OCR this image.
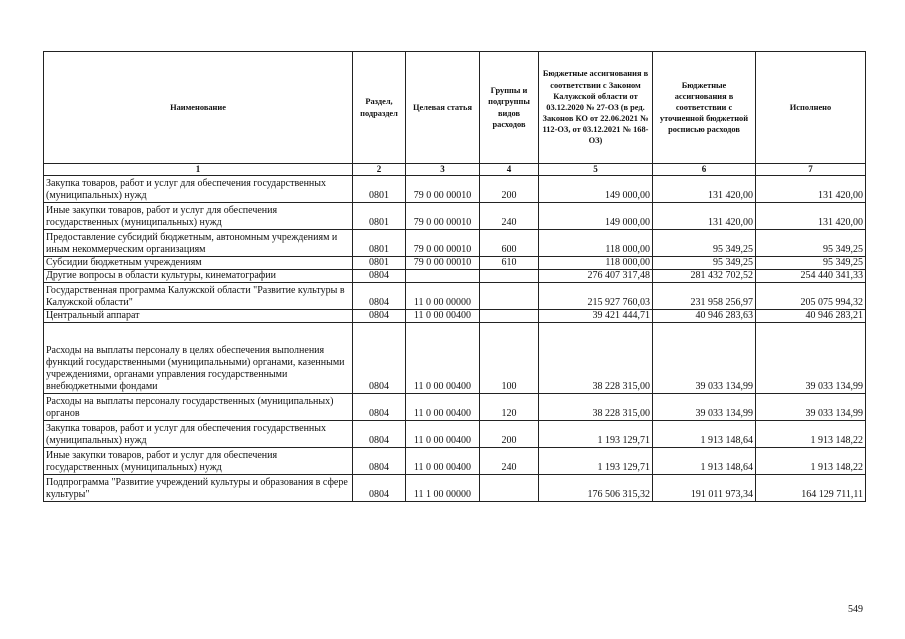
Наименование	Раздел, подраздел	Целевая статья	Группы и подгруппы видов расходов	Бюджетные ассигнования в соответствии с Законом Калужской области от 03.12.2020 № 27-ОЗ (в ред. Законов КО от 22.06.2021 № 112-ОЗ, от 03.12.2021 № 168-ОЗ)	Бюджетные ассигнования в соответствии с уточненной бюджетной росписью расходов	Исполнено
1	2	3	4	5	6	7
Закупка товаров, работ и услуг для обеспечения государственных (муниципальных) нужд	0801	79 0 00 00010	200	149 000,00	131 420,00	131 420,00
Иные закупки товаров, работ и услуг для обеспечения государственных (муниципальных) нужд	0801	79 0 00 00010	240	149 000,00	131 420,00	131 420,00
Предоставление субсидий бюджетным, автономным учреждениям и иным некоммерческим организациям	0801	79 0 00 00010	600	118 000,00	95 349,25	95 349,25
Субсидии бюджетным учреждениям	0801	79 0 00 00010	610	118 000,00	95 349,25	95 349,25
Другие вопросы в области культуры, кинематографии	0804			276 407 317,48	281 432 702,52	254 440 341,33
Государственная программа Калужской области "Развитие культуры в Калужской области"	0804	11 0 00 00000		215 927 760,03	231 958 256,97	205 075 994,32
Центральный аппарат	0804	11 0 00 00400		39 421 444,71	40 946 283,63	40 946 283,21
Расходы на выплаты персоналу в целях обеспечения выполнения функций государственными (муниципальными) органами, казенными учреждениями, органами управления государственными внебюджетными фондами	0804	11 0 00 00400	100	38 228 315,00	39 033 134,99	39 033 134,99
Расходы на выплаты персоналу государственных (муниципальных) органов	0804	11 0 00 00400	120	38 228 315,00	39 033 134,99	39 033 134,99
Закупка товаров, работ и услуг для обеспечения государственных (муниципальных) нужд	0804	11 0 00 00400	200	1 193 129,71	1 913 148,64	1 913 148,22
Иные закупки товаров, работ и услуг для обеспечения государственных (муниципальных) нужд	0804	11 0 00 00400	240	1 193 129,71	1 913 148,64	1 913 148,22
Подпрограмма "Развитие учреждений культуры и образования в сфере культуры"	0804	11 1 00 00000		176 506 315,32	191 011 973,34	164 129 711,11
549
